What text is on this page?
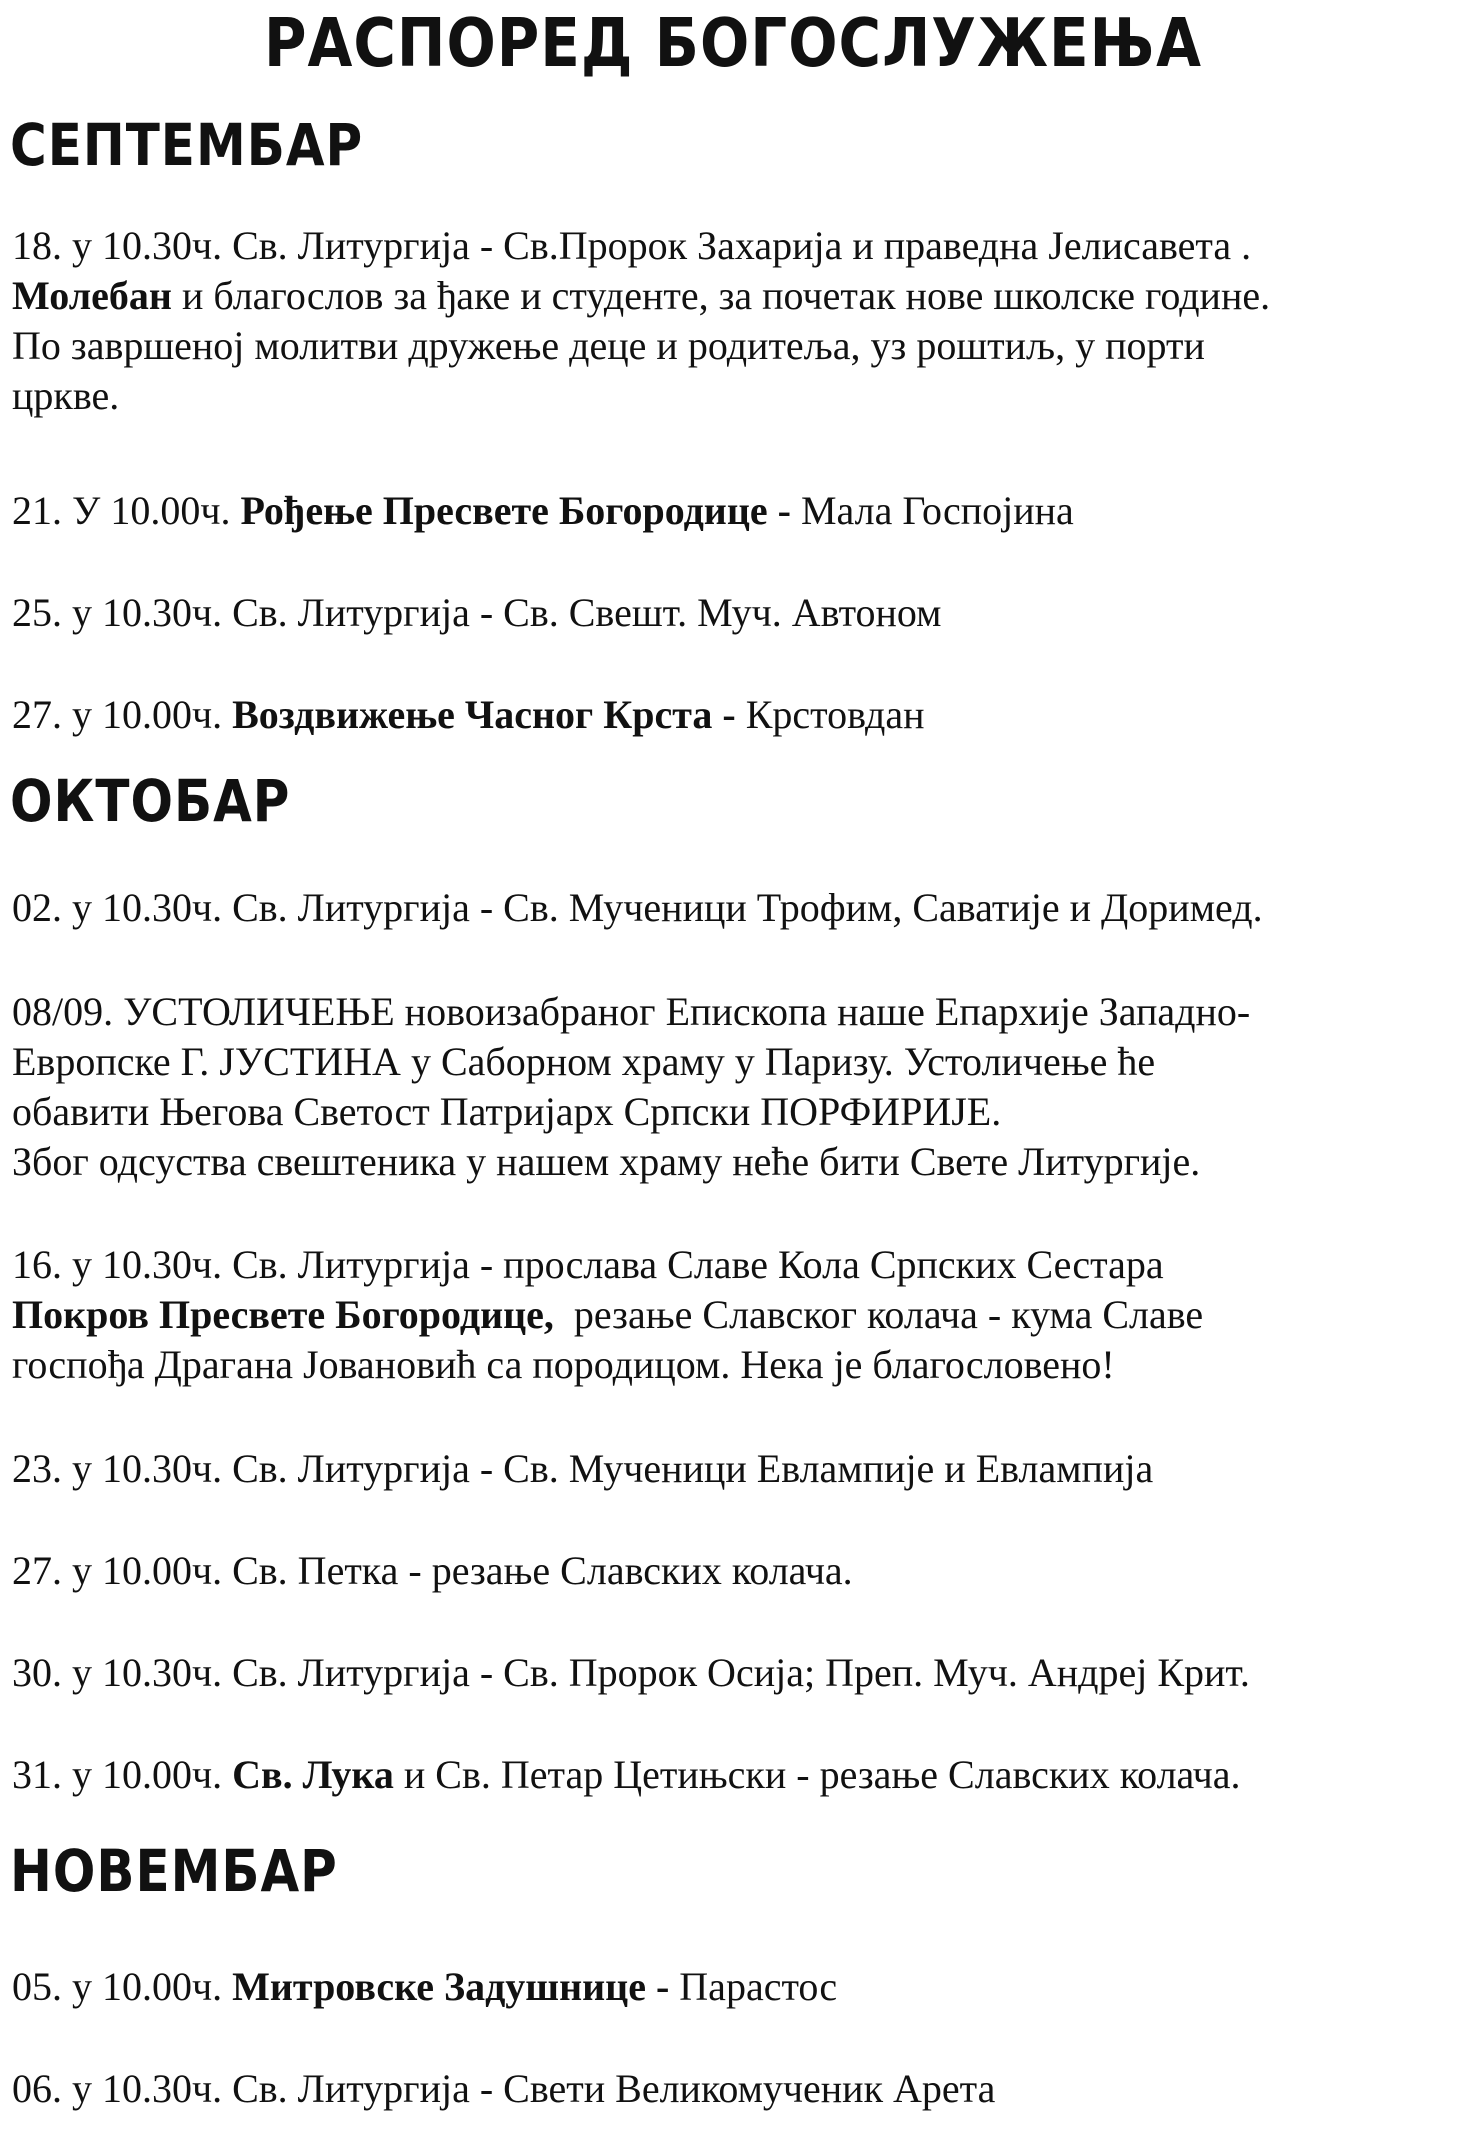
РАСПОРЕД БОГОСЛУЖЕЊА
СЕПТЕМБАР
18. у 10.30ч. Св. Литургија - Св.Пророк Захарија и праведна Јелисавета .
Молебан и благослов за ђаке и студенте, за почетак нове школске године.
По завршеној молитви дружење деце и родитеља, уз роштиљ, у порти
цркве.
21. У 10.00ч. Рођење Пресвете Богородице - Мала Госпојина
25. у 10.30ч. Св. Литургија - Св. Свешт. Муч. Автоном
27. у 10.00ч. Воздвижење Часног Крста - Крстовдан
ОКТОБАР
02. у 10.30ч. Св. Литургија - Св. Мученици Трофим, Саватије и Доримед.
08/09. УСТОЛИЧЕЊЕ новоизабраног Епископа наше Епархије Западно-
Европске Г. ЈУСТИНА у Саборном храму у Паризу. Устоличење ће
обавити Његова Светост Патријарх Српски ПОРФИРИЈЕ.
Због одсуства свештеника у нашем храму неће бити Свете Литургије.
16. у 10.30ч. Св. Литургија - прослава Славе Кола Српских Сестара
Покров Пресвете Богородице,  резање Славског колача - кума Славе
госпођа Драгана Јовановић са породицом. Нека је благословено!
23. у 10.30ч. Св. Литургија - Св. Мученици Евлампије и Евлампија
27. у 10.00ч. Св. Петка - резање Славских колача.
30. у 10.30ч. Св. Литургија - Св. Пророк Осија; Преп. Муч. Андреј Крит.
31. у 10.00ч. Св. Лука и Св. Петар Цетињски - резање Славских колача.
НОВЕМБАР
05. у 10.00ч. Митровске Задушнице - Парастос
06. у 10.30ч. Св. Литургија - Свети Великомученик Арета
